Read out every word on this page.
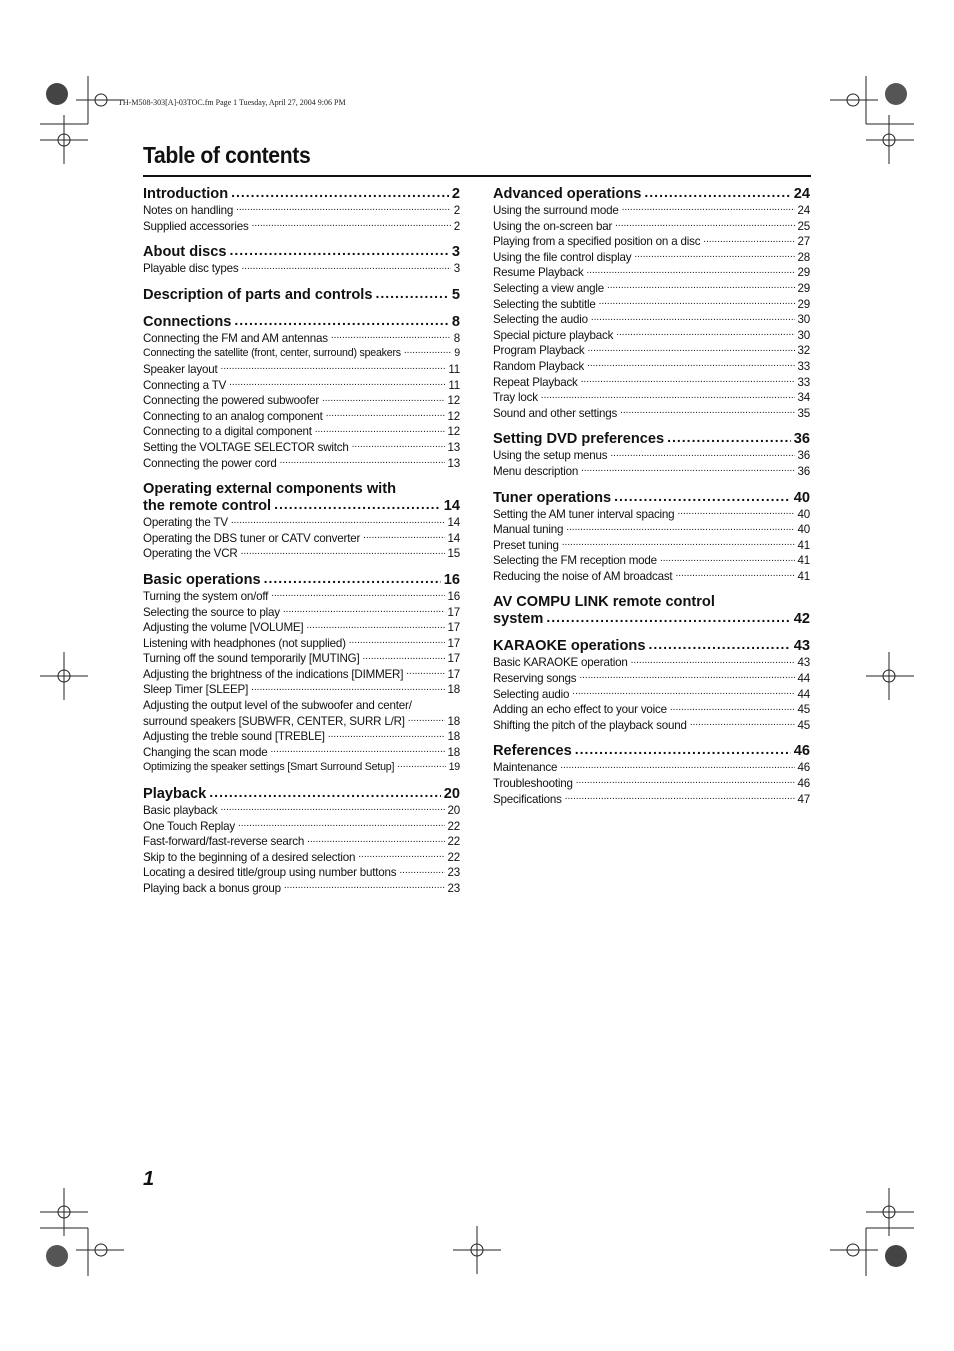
TH-M508-303[A]-03TOC.fm Page 1 Tuesday, April 27, 2004 9:06 PM
Table of contents
Introduction .....	2
Notes on handling .....	2
Supplied accessories .....	2
About discs .....	3
Playable disc types .....	3
Description of parts and controls .....	5
Connections .....	8
Connecting the FM and AM antennas .....	8
Connecting the satellite (front, center, surround) speakers .....	9
Speaker layout .....	11
Connecting a TV .....	11
Connecting the powered subwoofer .....	12
Connecting to an analog component .....	12
Connecting to a digital component .....	12
Setting the VOLTAGE SELECTOR switch .....	13
Connecting the power cord .....	13
Operating external components with
the remote control .....	14
Operating the TV .....	14
Operating the DBS tuner or CATV converter .....	14
Operating the VCR .....	15
Basic operations .....	16
Turning the system on/off .....	16
Selecting the source to play .....	17
Adjusting the volume [VOLUME] .....	17
Listening with headphones (not supplied) .....	17
Turning off the sound temporarily [MUTING] .....	17
Adjusting the brightness of the indications [DIMMER] .....	17
Sleep Timer [SLEEP] .....	18
Adjusting the output level of the subwoofer and center/
surround speakers [SUBWFR, CENTER, SURR L/R] .....	18
Adjusting the treble sound [TREBLE] .....	18
Changing the scan mode .....	18
Optimizing the speaker settings [Smart Surround Setup] .....	19
Playback .....	20
Basic playback .....	20
One Touch Replay .....	22
Fast-forward/fast-reverse search .....	22
Skip to the beginning of a desired selection .....	22
Locating a desired title/group using number buttons .....	23
Playing back a bonus group .....	23
Advanced operations .....	24
Using the surround mode .....	24
Using the on-screen bar .....	25
Playing from a specified position on a disc .....	27
Using the file control display .....	28
Resume Playback .....	29
Selecting a view angle .....	29
Selecting the subtitle .....	29
Selecting the audio .....	30
Special picture playback .....	30
Program Playback .....	32
Random Playback .....	33
Repeat Playback .....	33
Tray lock .....	34
Sound and other settings .....	35
Setting DVD preferences .....	36
Using the setup menus .....	36
Menu description .....	36
Tuner operations .....	40
Setting the AM tuner interval spacing .....	40
Manual tuning .....	40
Preset tuning .....	41
Selecting the FM reception mode .....	41
Reducing the noise of AM broadcast .....	41
AV COMPU LINK remote control
system .....	42
KARAOKE operations .....	43
Basic KARAOKE operation .....	43
Reserving songs .....	44
Selecting audio .....	44
Adding an echo effect to your voice .....	45
Shifting the pitch of the playback sound .....	45
References .....	46
Maintenance .....	46
Troubleshooting .....	46
Specifications .....	47
1
